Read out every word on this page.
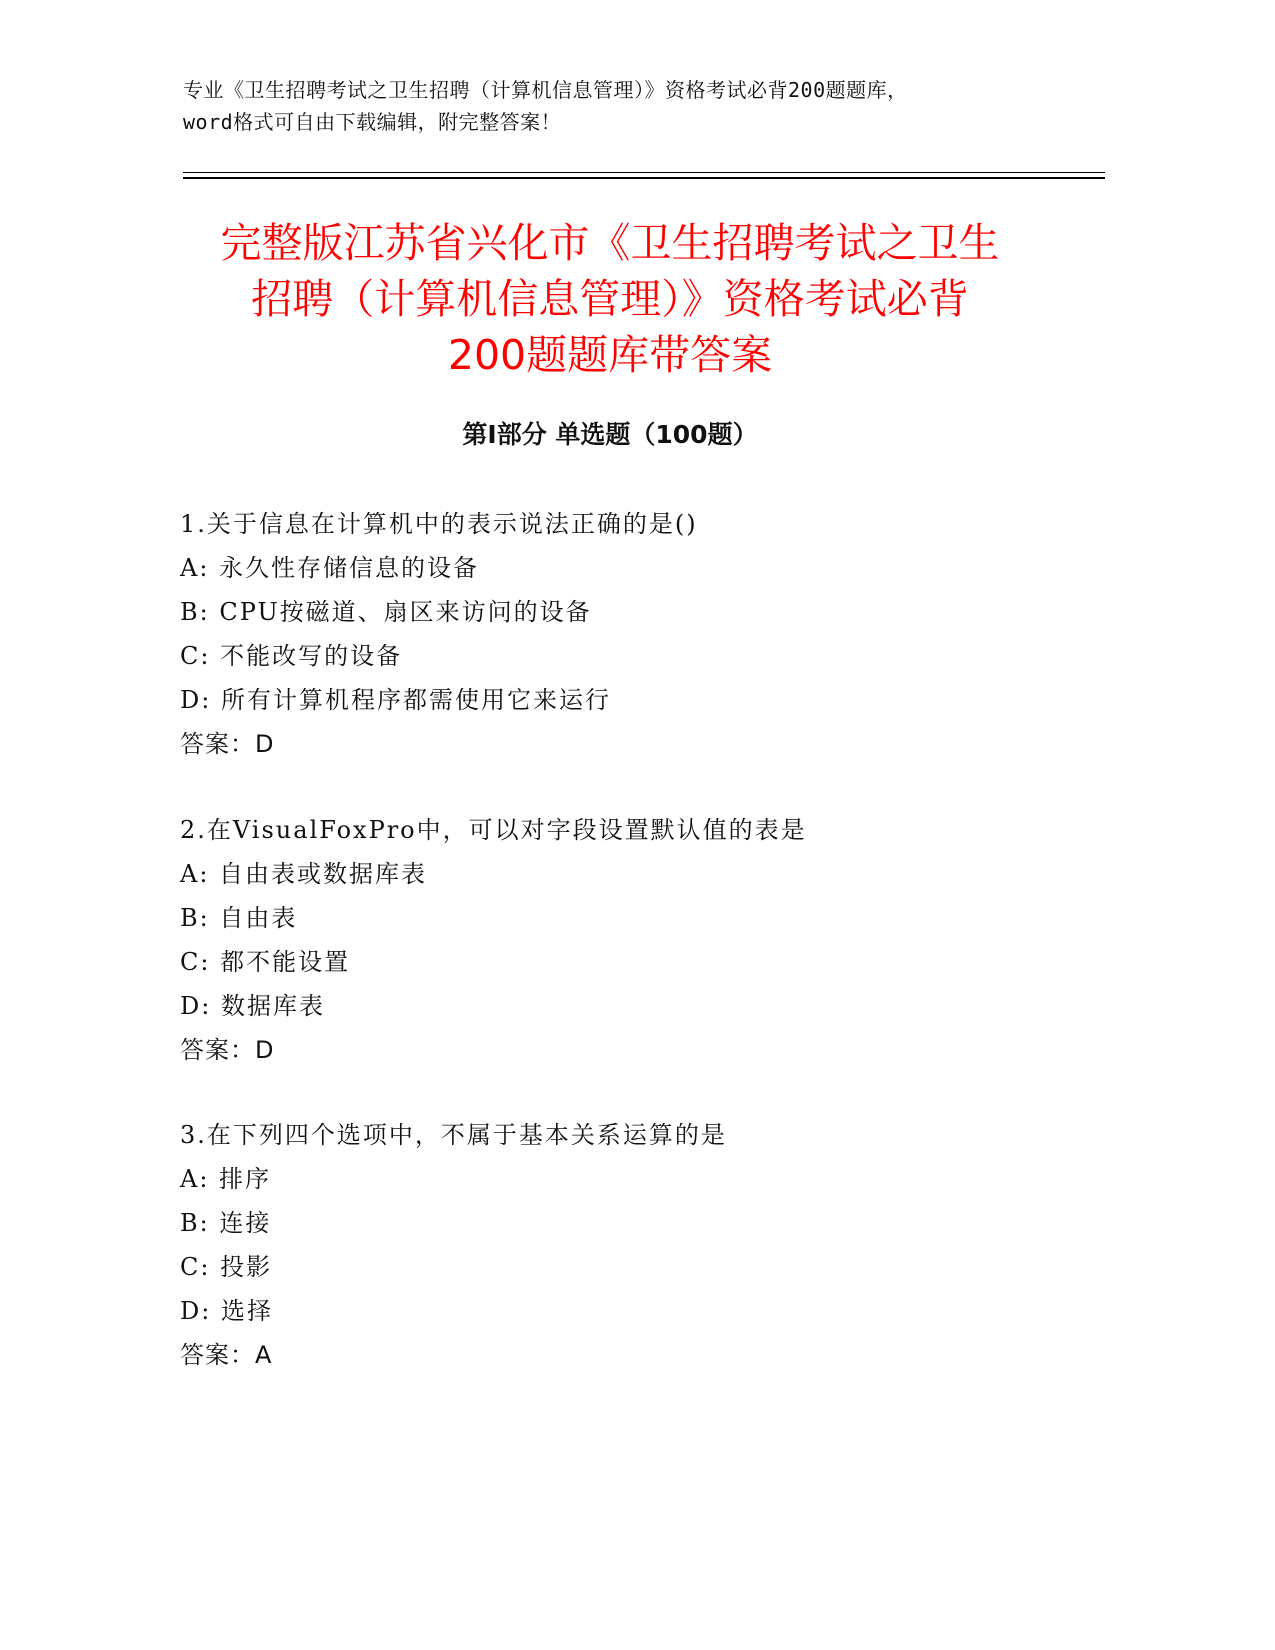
专业《卫生招聘考试之卫生招聘（计算机信息管理）》资格考试必背200题题库，
word格式可自由下载编辑，附完整答案！
完整版江苏省兴化市《卫生招聘考试之卫生
招聘（计算机信息管理）》资格考试必背
200题题库带答案
第I部分 单选题（100题）
1.关于信息在计算机中的表示说法正确的是()
A: 永久性存储信息的设备
B: CPU按磁道、扇区来访问的设备
C: 不能改写的设备
D: 所有计算机程序都需使用它来运行
答案：D
2.在VisualFoxPro中，可以对字段设置默认值的表是
A: 自由表或数据库表
B: 自由表
C: 都不能设置
D: 数据库表
答案：D
3.在下列四个选项中，不属于基本关系运算的是
A: 排序
B: 连接
C: 投影
D: 选择
答案：A
